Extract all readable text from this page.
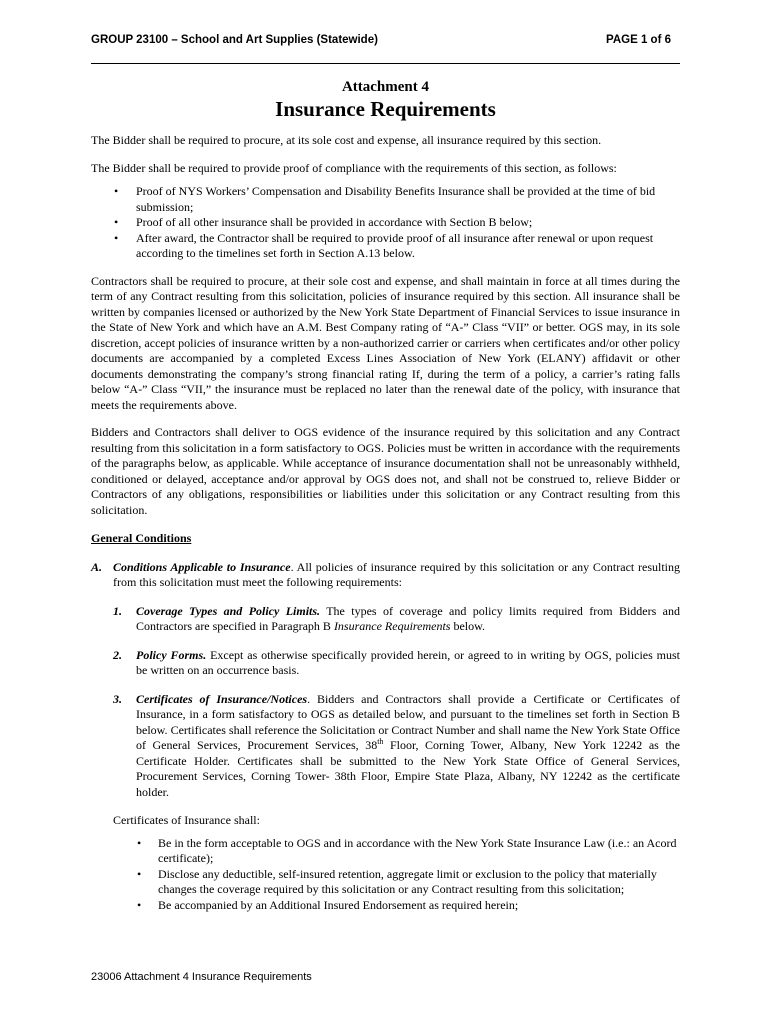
GROUP 23100 – School and Art Supplies (Statewide)	PAGE 1 of 6
Attachment 4
Insurance Requirements

The Bidder shall be required to procure, at its sole cost and expense, all insurance required by this section.

The Bidder shall be required to provide proof of compliance with the requirements of this section, as follows:

• Proof of NYS Workers’ Compensation and Disability Benefits Insurance shall be provided at the time of bid submission;
• Proof of all other insurance shall be provided in accordance with Section B below;
• After award, the Contractor shall be required to provide proof of all insurance after renewal or upon request according to the timelines set forth in Section A.13 below.

Contractors shall be required to procure, at their sole cost and expense, and shall maintain in force at all times during the term of any Contract resulting from this solicitation, policies of insurance required by this section. All insurance shall be written by companies licensed or authorized by the New York State Department of Financial Services to issue insurance in the State of New York and which have an A.M. Best Company rating of “A-” Class “VII” or better. OGS may, in its sole discretion, accept policies of insurance written by a non-authorized carrier or carriers when certificates and/or other policy documents are accompanied by a completed Excess Lines Association of New York (ELANY) affidavit or other documents demonstrating the company’s strong financial rating If, during the term of a policy, a carrier’s rating falls below “A-” Class “VII,” the insurance must be replaced no later than the renewal date of the policy, with insurance that meets the requirements above.

Bidders and Contractors shall deliver to OGS evidence of the insurance required by this solicitation and any Contract resulting from this solicitation in a form satisfactory to OGS. Policies must be written in accordance with the requirements of the paragraphs below, as applicable. While acceptance of insurance documentation shall not be unreasonably withheld, conditioned or delayed, acceptance and/or approval by OGS does not, and shall not be construed to, relieve Bidder or Contractors of any obligations, responsibilities or liabilities under this solicitation or any Contract resulting from this solicitation.

General Conditions
A. Conditions Applicable to Insurance. All policies of insurance required by this solicitation or any Contract resulting from this solicitation must meet the following requirements:
1. Coverage Types and Policy Limits. The types of coverage and policy limits required from Bidders and Contractors are specified in Paragraph B Insurance Requirements below.
2. Policy Forms. Except as otherwise specifically provided herein, or agreed to in writing by OGS, policies must be written on an occurrence basis.
3. Certificates of Insurance/Notices. Bidders and Contractors shall provide a Certificate or Certificates of Insurance, in a form satisfactory to OGS as detailed below, and pursuant to the timelines set forth in Section B below. Certificates shall reference the Solicitation or Contract Number and shall name the New York State Office of General Services, Procurement Services, 38th Floor, Corning Tower, Albany, New York 12242 as the Certificate Holder. Certificates shall be submitted to the New York State Office of General Services, Procurement Services, Corning Tower- 38th Floor, Empire State Plaza, Albany, NY 12242 as the certificate holder.
Certificates of Insurance shall:
• Be in the form acceptable to OGS and in accordance with the New York State Insurance Law (i.e.: an Acord certificate);
• Disclose any deductible, self-insured retention, aggregate limit or exclusion to the policy that materially changes the coverage required by this solicitation or any Contract resulting from this solicitation;
• Be accompanied by an Additional Insured Endorsement as required herein;
23006 Attachment 4 Insurance Requirements
